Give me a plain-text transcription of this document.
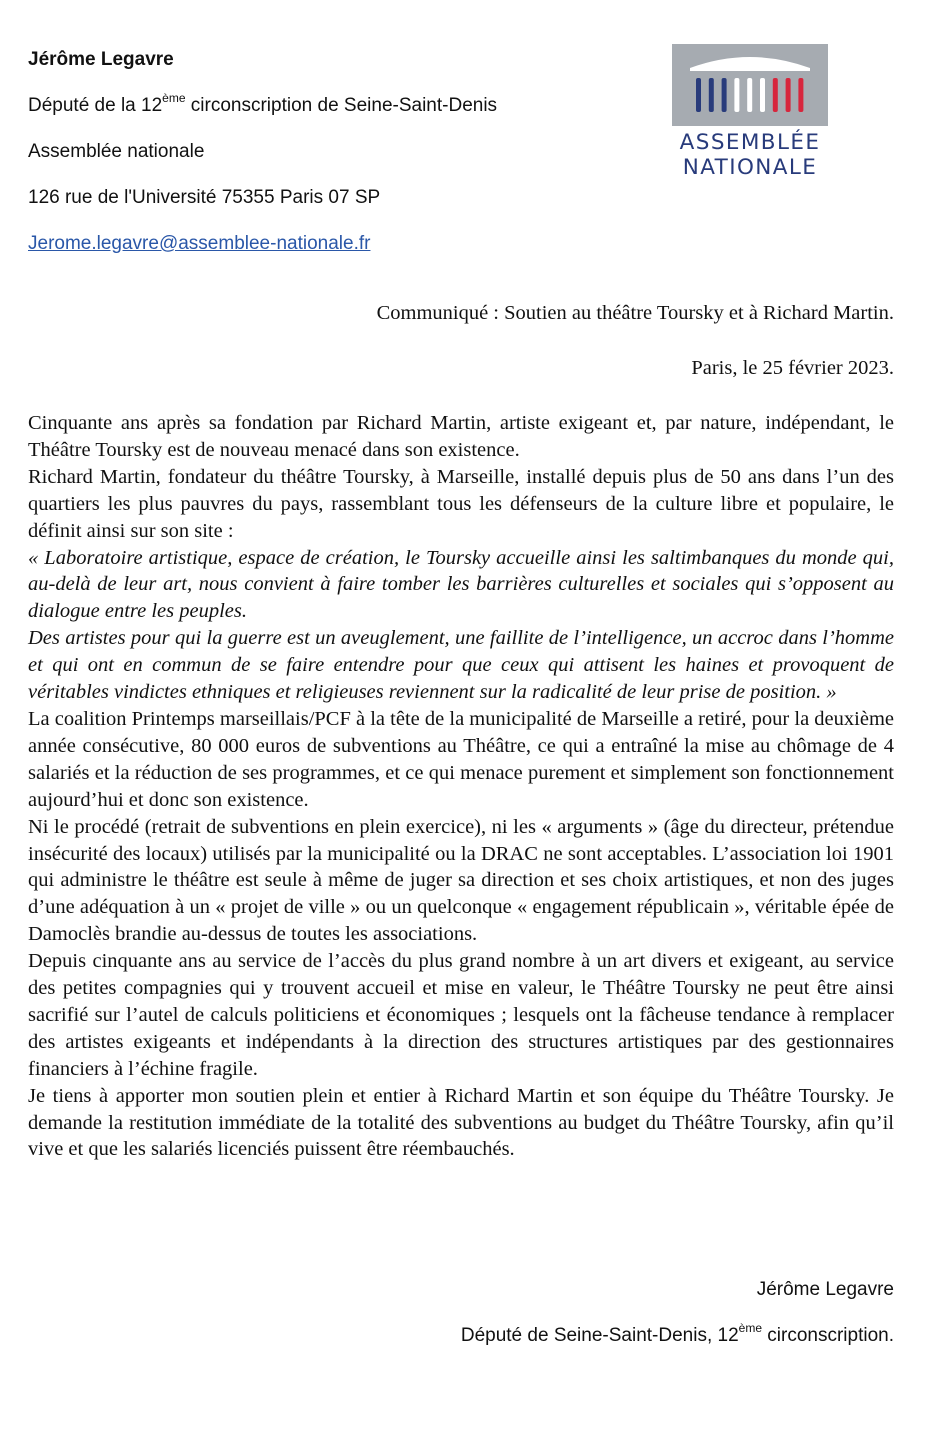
Jérôme Legavre

Député de la 12ème circonscription de Seine-Saint-Denis

Assemblée nationale

126 rue de l'Université 75355 Paris 07 SP

Jerome.legavre@assemblee-nationale.fr

ASSEMBLÉE
NATIONALE
Communiqué : Soutien au théâtre Toursky et à Richard Martin.
Paris, le 25 février 2023.

Cinquante ans après sa fondation par Richard Martin, artiste exigeant et, par nature, indépendant, le Théâtre Toursky est de nouveau menacé dans son existence.

Richard Martin, fondateur du théâtre Toursky, à Marseille, installé depuis plus de 50 ans dans l’un des quartiers les plus pauvres du pays, rassemblant tous les défenseurs de la culture libre et populaire, le définit ainsi sur son site :

« Laboratoire artistique, espace de création, le Toursky accueille ainsi les saltimbanques du monde qui, au-delà de leur art, nous convient à faire tomber les barrières culturelles et sociales qui s’opposent au dialogue entre les peuples.

Des artistes pour qui la guerre est un aveuglement, une faillite de l’intelligence, un accroc dans l’homme et qui ont en commun de se faire entendre pour que ceux qui attisent les haines et provoquent de véritables vindictes ethniques et religieuses reviennent sur la radicalité de leur prise de position. »

La coalition Printemps marseillais/PCF à la tête de la municipalité de Marseille a retiré, pour la deuxième année consécutive, 80 000 euros de subventions au Théâtre, ce qui a entraîné la mise au chômage de 4 salariés et la réduction de ses programmes, et ce qui menace purement et simplement son fonctionnement aujourd’hui et donc son existence.

Ni le procédé (retrait de subventions en plein exercice), ni les « arguments » (âge du directeur, prétendue insécurité des locaux) utilisés par la municipalité ou la DRAC ne sont acceptables. L’association loi 1901 qui administre le théâtre est seule à même de juger sa direction et ses choix artistiques, et non des juges d’une adéquation à un « projet de ville » ou un quelconque « engagement républicain », véritable épée de Damoclès brandie au-dessus de toutes les associations.

Depuis cinquante ans au service de l’accès du plus grand nombre à un art divers et exigeant, au service des petites compagnies qui y trouvent accueil et mise en valeur, le Théâtre Toursky ne peut être ainsi sacrifié sur l’autel de calculs politiciens et économiques ; lesquels ont la fâcheuse tendance à remplacer des artistes exigeants et indépendants à la direction des structures artistiques par des gestionnaires financiers à l’échine fragile.

Je tiens à apporter mon soutien plein et entier à Richard Martin et son équipe du Théâtre Toursky. Je demande la restitution immédiate de la totalité des subventions au budget du Théâtre Toursky, afin qu’il vive et que les salariés licenciés puissent être réembauchés.

Jérôme Legavre
Député de Seine-Saint-Denis, 12ème circonscription.
